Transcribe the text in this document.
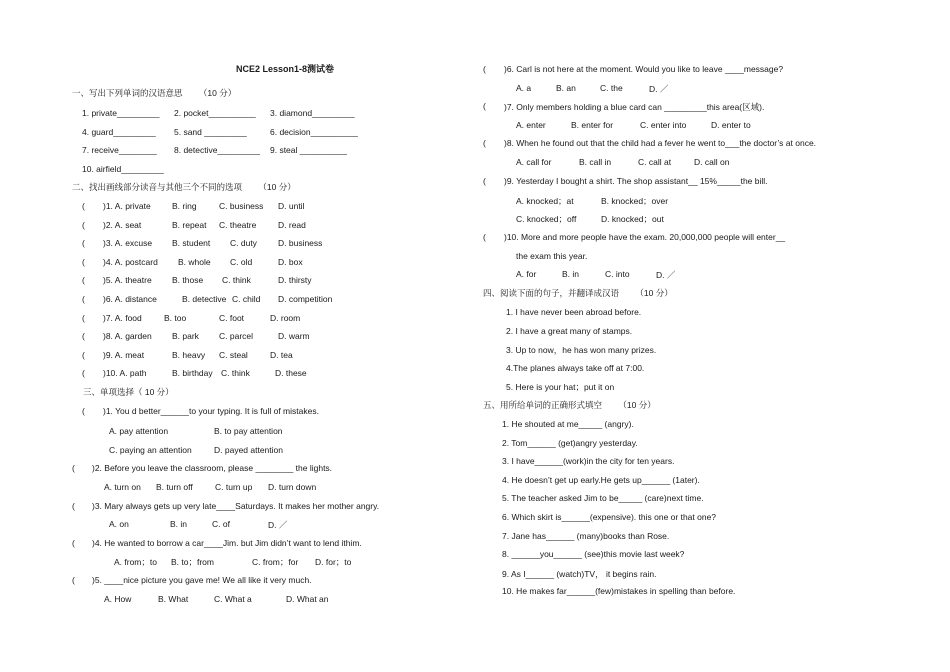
NCE2 Lesson1-8测试卷
一、写出下列单词的汉语意思 （10 分）
1. private_________ 2. pocket__________ 3. diamond_________
4. guard_________ 5. sand _________	6. decision__________
7. receive________ 8. detective_________ 9. steal __________
10. airfield_________
二、找出画线部分读音与其他三个不同的选项 （10 分）
( )1. A. private	B. ring	C. business D. until
( )2. A. seat	B. repeat C. theatre	D. read
( )3. A. excuse B. student C. duty D. business
( )4. A. postcard B. whole C. old	D. box
( )5. A. theatre B. those C. think	D. thirsty
( )6. A. distance	B. detective C. child D. competition
( )7. A. food	B. too	C. foot	D. room
( )8. A. garden B. park C. parcel	D. warm
( )9. A. meat	B. heavy C. steal	D. tea
( )10. A. path	B. birthday C. think	D. these
三、单项选择（ 10 分）
( )1. You d better______to your typing. It is full of mistakes.
A. pay attention	B. to pay attention
C. paying an attention	D. payed attention
( )2. Before you leave the classroom, please ________ the lights.
A. turn on B. turn off	C. turn up D. turn down
( )3. Mary always gets up very late____Saturdays. It makes her mother angry.
A. on	B. in	C. of	D. ／
( )4. He wanted to borrow a car____Jim. but Jim didn’t want to lend ithim.
A. from；to B. to；from	C. from；for D. for；to
( )5. ____nice picture you gave me! We all like it very much.
A. How	B. What	C. What a	D. What an
( )6. Carl is not here at the moment. Would you like to leave ____message?
A. a	B. an	C. the	D. ／
( )7. Only members holding a blue card can _________this area(区域).
A. enter	B. enter for	C. enter into	D. enter to
( )8. When he found out that the child had a fever he went to___the doctor’s at once.
A. call for	B. call in	C. call at	D. call on
( )9. Yesterday I bought a shirt. The shop assistant__ 15%_____the bill.
A. knocked；at	B. knocked；over
C. knocked；off	D. knocked；out
( )10. More and more people have the exam. 20,000,000 people will enter__
the exam this year.
A. for	B. in	C. into	D. ／
四、阅读下面的句子，并翻译成汉语 （10 分）
1. I have never been abroad before.
2. I have a great many of stamps.
3. Up to now，he has won many prizes.
4.The planes always take off at 7:00.
5. Here is your hat；put it on
五、用所给单词的正确形式填空 （10 分）
1. He shouted at me_____ (angry).
2. Tom______ (get)angry yesterday.
3. I have______(work)in the city for ten years.
4. He doesn’t get up early.He gets up______ (1ater).
5. The teacher asked Jim to be_____ (care)next time.
6. Which skirt is______(expensive). this one or that one?
7. Jane has______ (many)books than Rose.
8. ______you______ (see)this movie last week?
9. As I______ (watch)TV， it begins rain.
10. He makes far______(few)mistakes in spelling than before.
